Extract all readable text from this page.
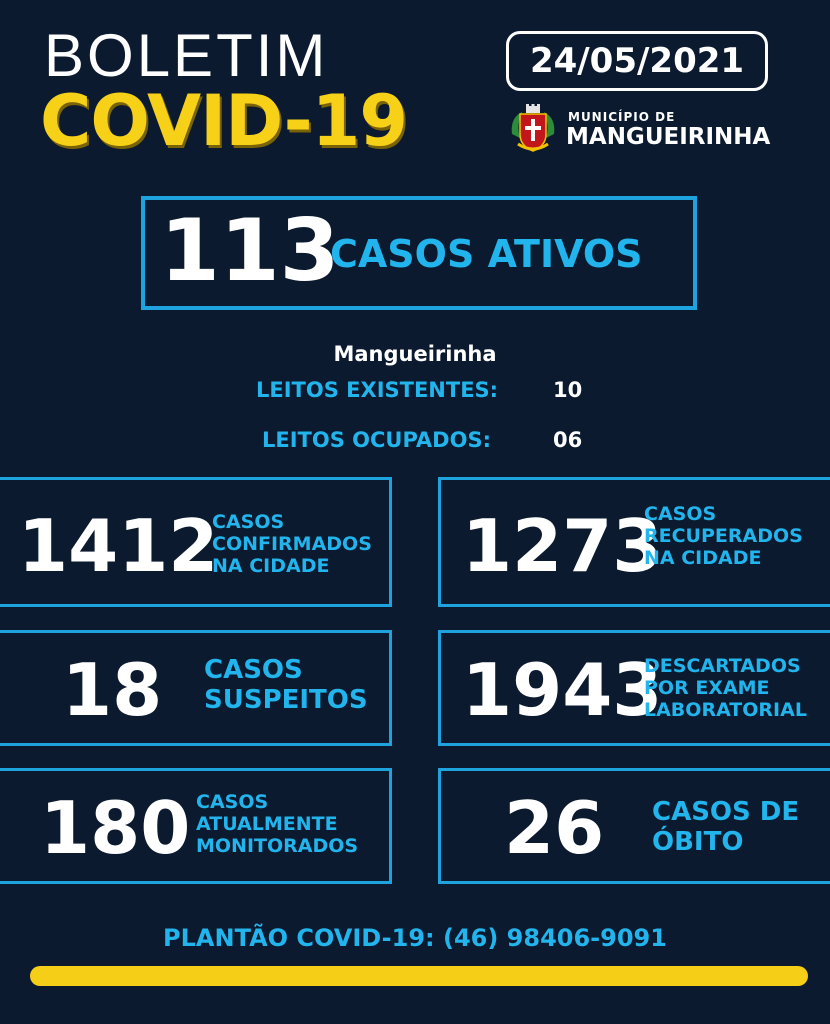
BOLETIM
COVID-19
24/05/2021
MUNICÍPIO DE
MANGUEIRINHA
113
CASOS ATIVOS
Mangueirinha
LEITOS EXISTENTES:	10
LEITOS OCUPADOS:	06
1412
CASOS
CONFIRMADOS
NA CIDADE	1273
CASOS
RECUPERADOS
NA CIDADE
18 CASOS
SUSPEITOS 1943
DESCARTADOS
POR EXAME
LABORATORIAL
180 CASOS
ATUALMENTE
MONITORADOS 26 CASOS DE
ÓBITO
PLANTÃO COVID-19: (46) 98406-9091
